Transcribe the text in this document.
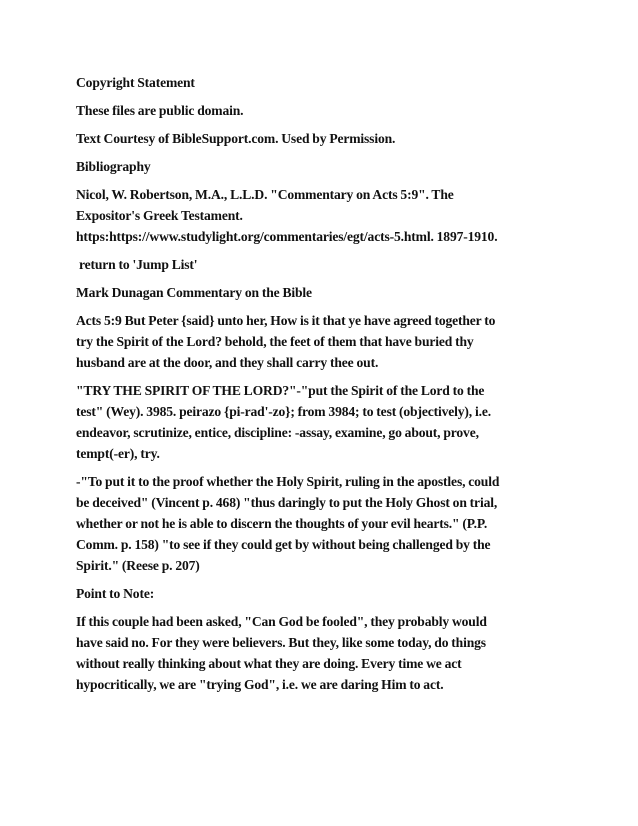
Copyright Statement
These files are public domain.
Text Courtesy of BibleSupport.com. Used by Permission.
Bibliography
Nicol, W. Robertson, M.A., L.L.D. "Commentary on Acts 5:9". The
Expositor's Greek Testament.
https:https://www.studylight.org/commentaries/egt/acts-5.html. 1897-1910.
return to 'Jump List'
Mark Dunagan Commentary on the Bible
Acts 5:9 But Peter {said} unto her, How is it that ye have agreed together to
try the Spirit of the Lord? behold, the feet of them that have buried thy
husband are at the door, and they shall carry thee out.
"TRY THE SPIRIT OF THE LORD?"-"put the Spirit of the Lord to the
test" (Wey). 3985. peirazo {pi-rad'-zo}; from 3984; to test (objectively), i.e.
endeavor, scrutinize, entice, discipline: -assay, examine, go about, prove,
tempt(-er), try.
-"To put it to the proof whether the Holy Spirit, ruling in the apostles, could
be deceived" (Vincent p. 468) "thus daringly to put the Holy Ghost on trial,
whether or not he is able to discern the thoughts of your evil hearts." (P.P.
Comm. p. 158) "to see if they could get by without being challenged by the
Spirit." (Reese p. 207)
Point to Note:
If this couple had been asked, "Can God be fooled", they probably would
have said no. For they were believers. But they, like some today, do things
without really thinking about what they are doing. Every time we act
hypocritically, we are "trying God", i.e. we are daring Him to act.
